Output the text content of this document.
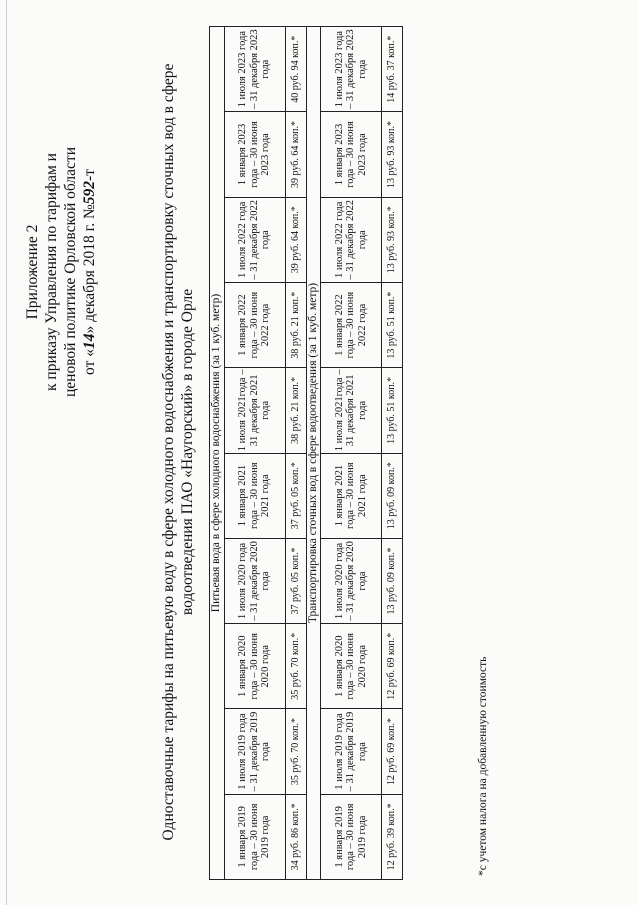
Приложение 2 к приказу Управления по тарифам и ценовой политике Орловской области от «14» декабря 2018 г. №592-т	Одноставочные тарифы на питьевую воду в сфере холодного водоснабжения и транспортировку сточных вод в сфере водоотведения ПАО «Наугорский» в городе Орле Питьевая вода в сфере холодного водоснабжения (за 1 куб. метр)									
1 января 2019 года – 30 июня 2019 года	1 июля 2019 года – 31 декабря 2019 года	1 января 2020 года – 30 июня 2020 года	1 июля 2020 года – 31 декабря 2020 года	1 января 2021 года – 30 июня 2021 года	1 июля 2021года – 31 декабря 2021 года	1 января 2022 года – 30 июня 2022 года	1 июля 2022 года – 31 декабря 2022 года	1 января 2023 года – 30 июня 2023 года	1 июля 2023 года – 31 декабря 2023 года
34 руб. 86 коп.*	35 руб. 70 коп.*	35 руб. 70 коп.*	37 руб. 05 коп.*	37 руб. 05 коп.*	38 руб. 21 коп.*	38 руб. 21 коп.*	39 руб. 64 коп.*	39 руб. 64 коп.*	40 руб. 94 коп.*
Транспортировка сточных вод в сфере водоотведения (за 1 куб. метр)									
1 января 2019 года – 30 июня 2019 года	1 июля 2019 года – 31 декабря 2019 года	1 января 2020 года – 30 июня 2020 года	1 июля 2020 года – 31 декабря 2020 года	1 января 2021 года – 30 июня 2021 года	1 июля 2021года – 31 декабря 2021 года	1 января 2022 года – 30 июня 2022 года	1 июля 2022 года – 31 декабря 2022 года	1 января 2023 года – 30 июня 2023 года	1 июля 2023 года – 31 декабря 2023 года
12 руб. 39 коп.*	12 руб. 69 коп.*	12 руб. 69 коп.*	13 руб. 09 коп.*	13 руб. 09 коп.*	13 руб. 51 коп.*	13 руб. 51 коп.*	13 руб. 93 коп.*	13 руб. 93 коп.*	14 руб. 37 коп.*
*с учетом налога на добавленную стоимость
